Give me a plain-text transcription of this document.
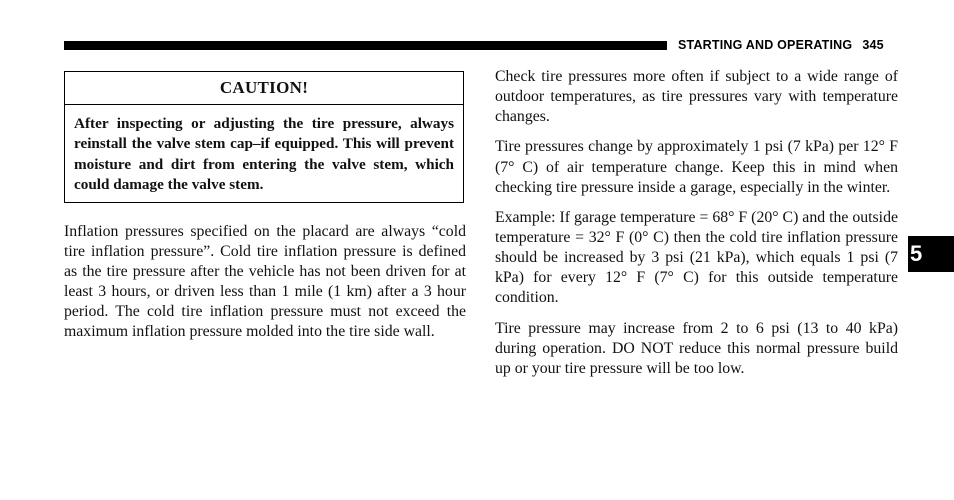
STARTING AND OPERATING 345
CAUTION!
After inspecting or adjusting the tire pressure, always reinstall the valve stem cap–if equipped. This will prevent moisture and dirt from entering the valve stem, which could damage the valve stem.
Inflation pressures specified on the placard are always “cold tire inflation pressure”. Cold tire inflation pressure is defined as the tire pressure after the vehicle has not been driven for at least 3 hours, or driven less than 1 mile (1 km) after a 3 hour period. The cold tire inflation pressure must not exceed the maximum inflation pressure molded into the tire side wall.

Check tire pressures more often if subject to a wide range of outdoor temperatures, as tire pressures vary with temperature changes.

Tire pressures change by approximately 1 psi (7 kPa) per 12° F (7° C) of air temperature change. Keep this in mind when checking tire pressure inside a garage, especially in the winter.

Example: If garage temperature = 68° F (20° C) and the outside temperature = 32° F (0° C) then the cold tire inflation pressure should be increased by 3 psi (21 kPa), which equals 1 psi (7 kPa) for every 12° F (7° C) for this outside temperature condition.

Tire pressure may increase from 2 to 6 psi (13 to 40 kPa) during operation. DO NOT reduce this normal pressure build up or your tire pressure will be too low.

5
